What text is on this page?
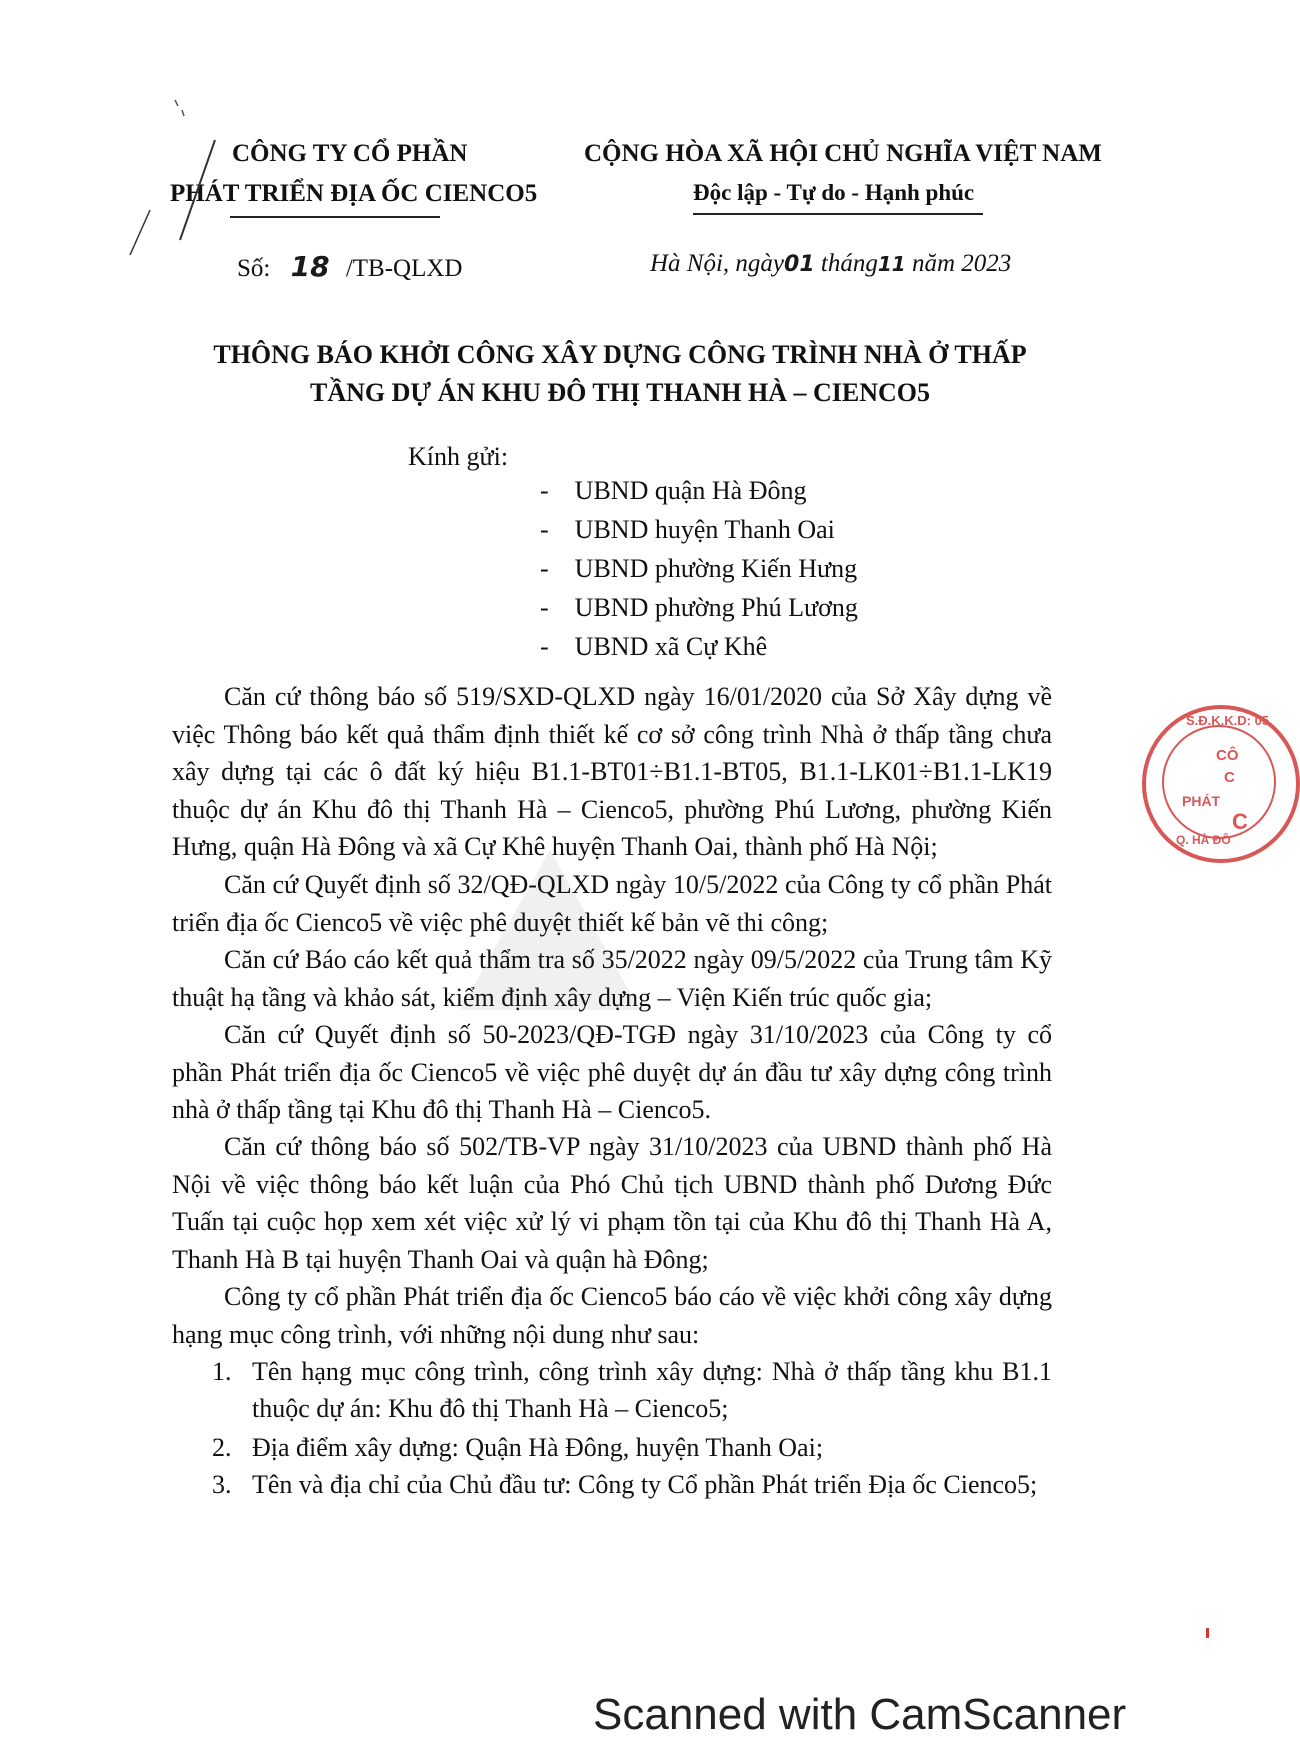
CÔNG TY CỔ PHẦN
PHÁT TRIỂN ĐỊA ỐC CIENCO5
CỘNG HÒA XÃ HỘI CHỦ NGHĨA VIỆT NAM
Độc lập - Tự do - Hạnh phúc
Số: 18 /TB-QLXD	Hà Nội, ngày01 tháng11 năm 2023
THÔNG BÁO KHỞI CÔNG XÂY DỰNG CÔNG TRÌNH NHÀ Ở THẤP
TẦNG DỰ ÁN KHU ĐÔ THỊ THANH HÀ – CIENCO5
Kính gửi:
-    UBND quận Hà Đông
-    UBND huyện Thanh Oai
-    UBND phường Kiến Hưng
-    UBND phường Phú Lương
-    UBND xã Cự Khê
Căn cứ thông báo số 519/SXD-QLXD ngày 16/01/2020 của Sở Xây dựng về việc Thông báo kết quả thẩm định thiết kế cơ sở công trình Nhà ở thấp tầng chưa xây dựng tại các ô đất ký hiệu B1.1-BT01÷B1.1-BT05, B1.1-LK01÷B1.1-LK19 thuộc dự án Khu đô thị Thanh Hà – Cienco5, phường Phú Lương, phường Kiến Hưng, quận Hà Đông và xã Cự Khê huyện Thanh Oai, thành phố Hà Nội;
Căn cứ Quyết định số 32/QĐ-QLXD ngày 10/5/2022 của Công ty cổ phần Phát triển địa ốc Cienco5 về việc phê duyệt thiết kế bản vẽ thi công;
Căn cứ Báo cáo kết quả thẩm tra số 35/2022 ngày 09/5/2022 của Trung tâm Kỹ thuật hạ tầng và khảo sát, kiểm định xây dựng – Viện Kiến trúc quốc gia;
Căn cứ Quyết định số 50-2023/QĐ-TGĐ ngày 31/10/2023 của Công ty cổ phần Phát triển địa ốc Cienco5 về việc phê duyệt dự án đầu tư xây dựng công trình nhà ở thấp tầng tại Khu đô thị Thanh Hà – Cienco5.
Căn cứ thông báo số 502/TB-VP ngày 31/10/2023 của UBND thành phố Hà Nội về việc thông báo kết luận của Phó Chủ tịch UBND thành phố Dương Đức Tuấn tại cuộc họp xem xét việc xử lý vi phạm tồn tại của Khu đô thị Thanh Hà A, Thanh Hà B tại huyện Thanh Oai và quận hà Đông;
Công ty cổ phần Phát triển địa ốc Cienco5 báo cáo về việc khởi công xây dựng hạng mục công trình, với những nội dung như sau:
1. Tên hạng mục công trình, công trình xây dựng: Nhà ở thấp tầng khu B1.1 thuộc dự án: Khu đô thị Thanh Hà – Cienco5;
2. Địa điểm xây dựng: Quận Hà Đông, huyện Thanh Oai;
3. Tên và địa chỉ của Chủ đầu tư: Công ty Cổ phần Phát triển Địa ốc Cienco5;
S.Đ.K.K.D: 05
CÔ
C
PHÁT
C
Q. HÀ ĐÔ
Scanned with CamScanner
